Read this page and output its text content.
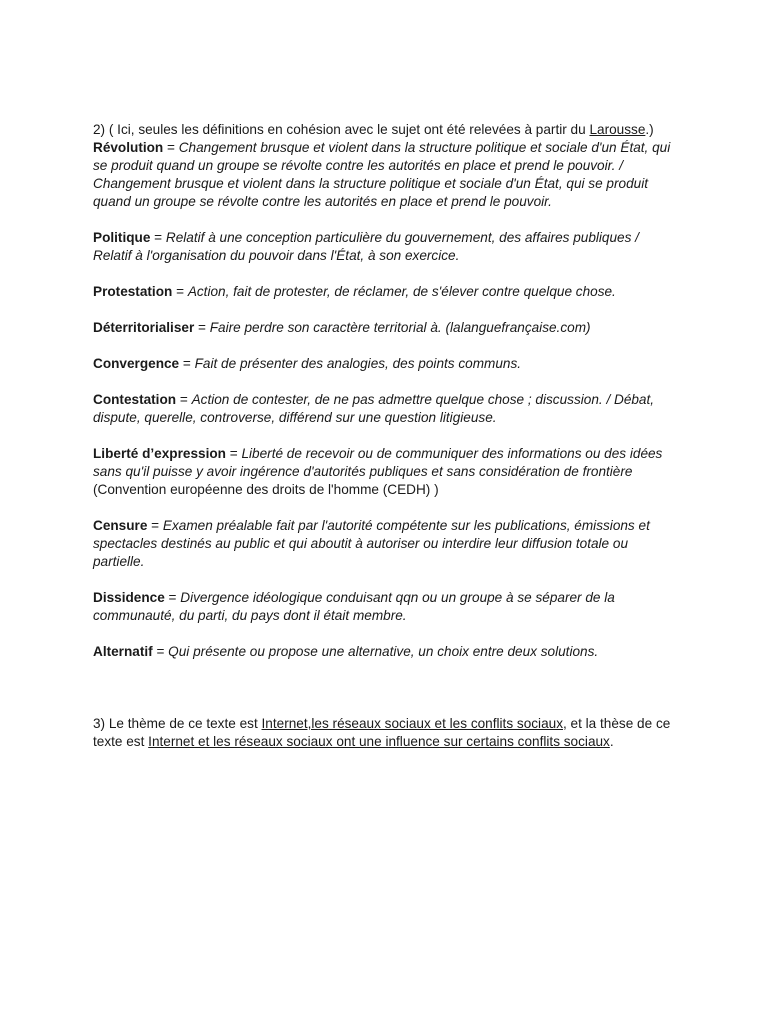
2) ( Ici, seules les définitions en cohésion avec le sujet ont été relevées à partir du Larousse.)

Révolution = Changement brusque et violent dans la structure politique et sociale d'un État, qui se produit quand un groupe se révolte contre les autorités en place et prend le pouvoir. / Changement brusque et violent dans la structure politique et sociale d'un État, qui se produit quand un groupe se révolte contre les autorités en place et prend le pouvoir.

Politique = Relatif à une conception particulière du gouvernement, des affaires publiques / Relatif à l'organisation du pouvoir dans l'État, à son exercice.

Protestation = Action, fait de protester, de réclamer, de s'élever contre quelque chose.

Déterritorialiser = Faire perdre son caractère territorial à. (lalanguefrançaise.com)

Convergence = Fait de présenter des analogies, des points communs.

Contestation = Action de contester, de ne pas admettre quelque chose ; discussion. / Débat, dispute, querelle, controverse, différend sur une question litigieuse.

Liberté d’expression = Liberté de recevoir ou de communiquer des informations ou des idées sans qu'il puisse y avoir ingérence d'autorités publiques et sans considération de frontière (Convention européenne des droits de l'homme (CEDH) )

Censure = Examen préalable fait par l'autorité compétente sur les publications, émissions et spectacles destinés au public et qui aboutit à autoriser ou interdire leur diffusion totale ou partielle.

Dissidence = Divergence idéologique conduisant qqn ou un groupe à se séparer de la communauté, du parti, du pays dont il était membre.

Alternatif = Qui présente ou propose une alternative, un choix entre deux solutions.

3) Le thème de ce texte est Internet,les réseaux sociaux et les conflits sociaux, et la thèse de ce texte est Internet et les réseaux sociaux ont une influence sur certains conflits sociaux.
